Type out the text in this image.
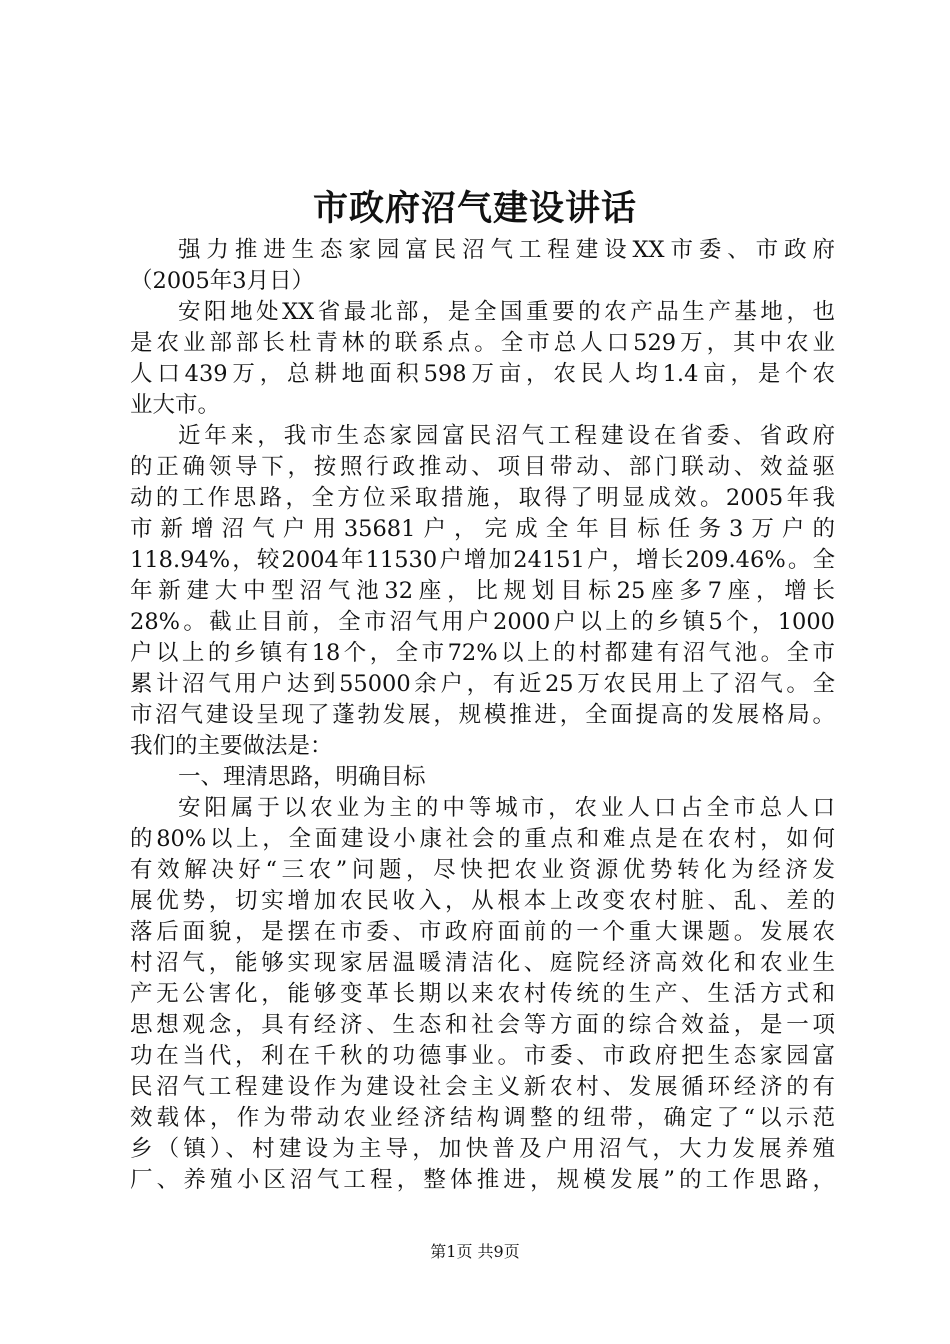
市政府沼气建设讲话
强力推进生态家园富民沼气工程建设XX市委、市政府
（2005年3月日）
安阳地处XX省最北部，是全国重要的农产品生产基地，也
是农业部部长杜青林的联系点。全市总人口529万，其中农业
人口439万，总耕地面积598万亩，农民人均1.4亩，是个农
业大市。
近年来，我市生态家园富民沼气工程建设在省委、省政府
的正确领导下，按照行政推动、项目带动、部门联动、效益驱
动的工作思路，全方位采取措施，取得了明显成效。2005年我
市新增沼气户用35681户，完成全年目标任务3万户的
118.94%，较2004年11530户增加24151户，增长209.46%。全
年新建大中型沼气池32座，比规划目标25座多7座，增长
28%。截止目前，全市沼气用户2000户以上的乡镇5个，1000
户以上的乡镇有18个，全市72%以上的村都建有沼气池。全市
累计沼气用户达到55000余户，有近25万农民用上了沼气。全
市沼气建设呈现了蓬勃发展，规模推进，全面提高的发展格局。
我们的主要做法是：
一、理清思路，明确目标
安阳属于以农业为主的中等城市，农业人口占全市总人口
的80%以上，全面建设小康社会的重点和难点是在农村，如何
有效解决好“三农”问题，尽快把农业资源优势转化为经济发
展优势，切实增加农民收入，从根本上改变农村脏、乱、差的
落后面貌，是摆在市委、市政府面前的一个重大课题。发展农
村沼气，能够实现家居温暖清洁化、庭院经济高效化和农业生
产无公害化，能够变革长期以来农村传统的生产、生活方式和
思想观念，具有经济、生态和社会等方面的综合效益，是一项
功在当代，利在千秋的功德事业。市委、市政府把生态家园富
民沼气工程建设作为建设社会主义新农村、发展循环经济的有
效载体，作为带动农业经济结构调整的纽带，确定了“以示范
乡（镇）、村建设为主导，加快普及户用沼气，大力发展养殖
厂、养殖小区沼气工程，整体推进，规模发展”的工作思路，
第1页 共9页
